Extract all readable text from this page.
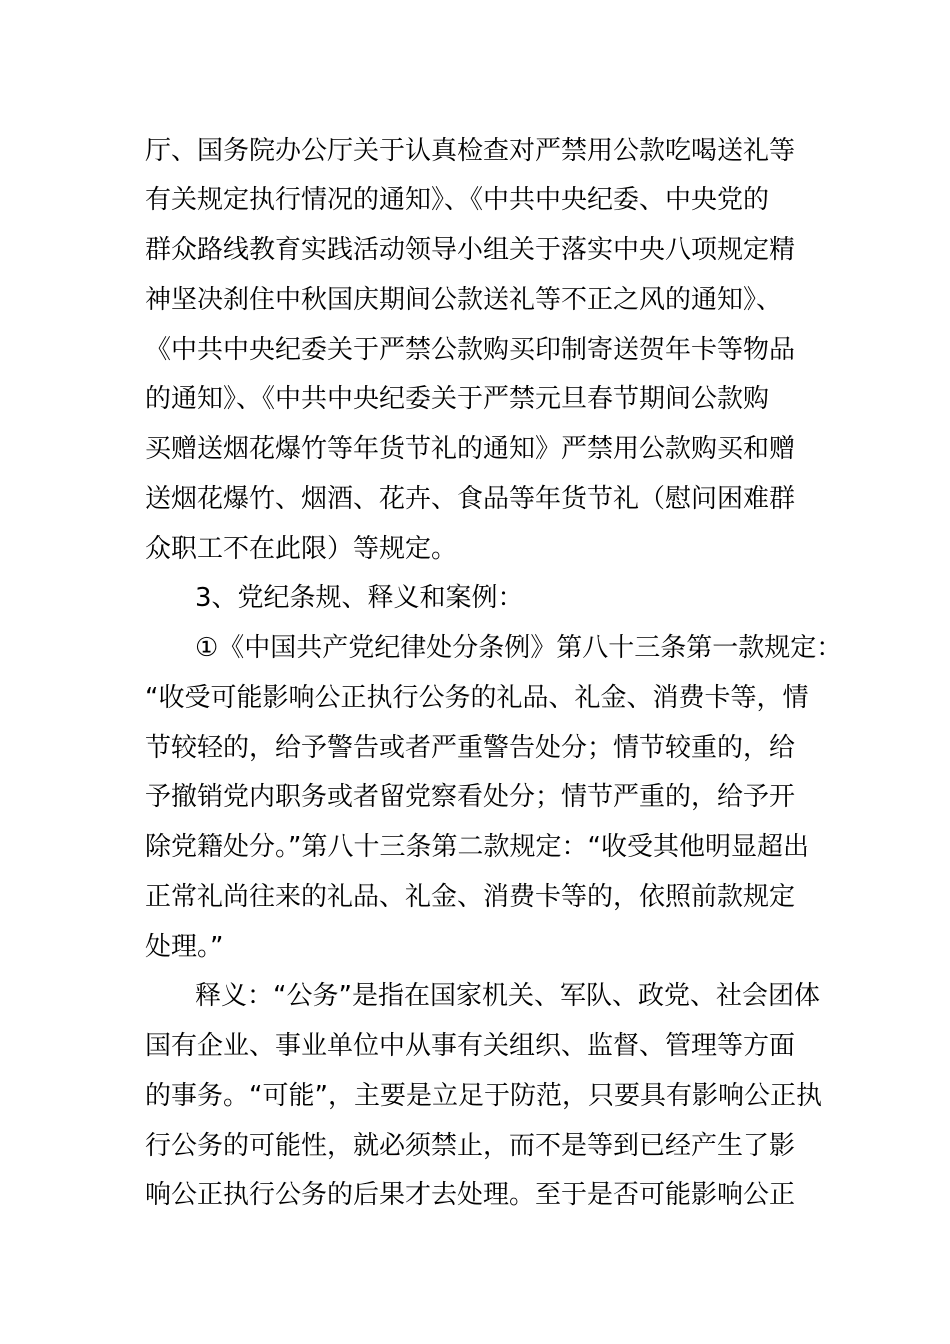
厅、国务院办公厅关于认真检查对严禁用公款吃喝送礼等
有关规定执行情况的通知》、《中共中央纪委、中央党的
群众路线教育实践活动领导小组关于落实中央八项规定精
神坚决刹住中秋国庆期间公款送礼等不正之风的通知》、
《中共中央纪委关于严禁公款购买印制寄送贺年卡等物品
的通知》、《中共中央纪委关于严禁元旦春节期间公款购
买赠送烟花爆竹等年货节礼的通知》严禁用公款购买和赠
送烟花爆竹、烟酒、花卉、食品等年货节礼（慰问困难群
众职工不在此限）等规定。
3、党纪条规、释义和案例：
①《中国共产党纪律处分条例》第八十三条第一款规定：
“收受可能影响公正执行公务的礼品、礼金、消费卡等，情
节较轻的，给予警告或者严重警告处分；情节较重的，给
予撤销党内职务或者留党察看处分；情节严重的，给予开
除党籍处分。”第八十三条第二款规定：“收受其他明显超出
正常礼尚往来的礼品、礼金、消费卡等的，依照前款规定
处理。”
释义：“公务”是指在国家机关、军队、政党、社会团体
国有企业、事业单位中从事有关组织、监督、管理等方面
的事务。“可能”，主要是立足于防范，只要具有影响公正执
行公务的可能性，就必须禁止，而不是等到已经产生了影
响公正执行公务的后果才去处理。至于是否可能影响公正
